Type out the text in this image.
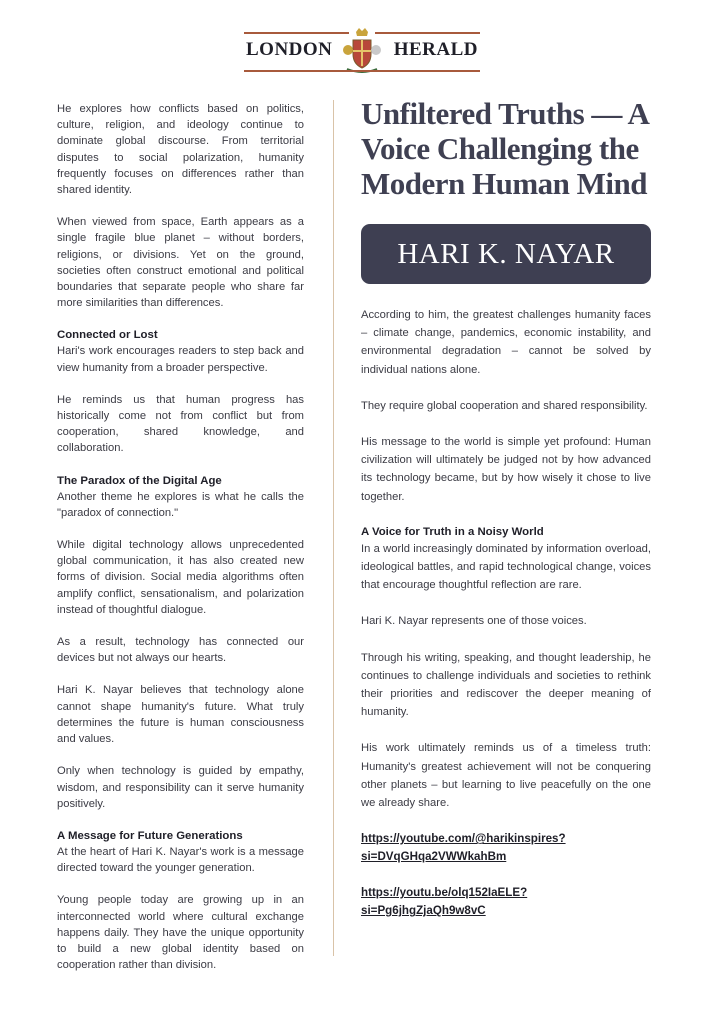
LONDON	HERALD

He explores how conflicts based on politics, culture, religion, and ideology continue to dominate global discourse. From territorial disputes to social polarization, humanity frequently focuses on differences rather than shared identity.

When viewed from space, Earth appears as a single fragile blue planet – without borders, religions, or divisions. Yet on the ground, societies often construct emotional and political boundaries that separate people who share far more similarities than differences.

Connected or Lost

Hari's work encourages readers to step back and view humanity from a broader perspective.

He reminds us that human progress has historically come not from conflict but from cooperation, shared knowledge, and collaboration.

The Paradox of the Digital Age

Another theme he explores is what he calls the "paradox of connection."

While digital technology allows unprecedented global communication, it has also created new forms of division. Social media algorithms often amplify conflict, sensationalism, and polarization instead of thoughtful dialogue.

As a result, technology has connected our devices but not always our hearts.

Hari K. Nayar believes that technology alone cannot shape humanity's future. What truly determines the future is human consciousness and values.

Only when technology is guided by empathy, wisdom, and responsibility can it serve humanity positively.

A Message for Future Generations

At the heart of Hari K. Nayar's work is a message directed toward the younger generation.

Young people today are growing up in an interconnected world where cultural exchange happens daily. They have the unique opportunity to build a new global identity based on cooperation rather than division.

Unfiltered Truths — A Voice Challenging the Modern Human Mind
HARI K. NAYAR

According to him, the greatest challenges humanity faces – climate change, pandemics, economic instability, and environmental degradation – cannot be solved by individual nations alone.

They require global cooperation and shared responsibility.

His message to the world is simple yet profound: Human civilization will ultimately be judged not by how advanced its technology became, but by how wisely it chose to live together.

A Voice for Truth in a Noisy World

In a world increasingly dominated by information overload, ideological battles, and rapid technological change, voices that encourage thoughtful reflection are rare.

Hari K. Nayar represents one of those voices.

Through his writing, speaking, and thought leadership, he continues to challenge individuals and societies to rethink their priorities and rediscover the deeper meaning of humanity.

His work ultimately reminds us of a timeless truth: Humanity's greatest achievement will not be conquering other planets – but learning to live peacefully on the one we already share.

https://youtube.com/@harikinspires?
si=DVqGHqa2VWWkahBm
https://youtu.be/olq152IaELE?
si=Pg6jhgZjaQh9w8vC
